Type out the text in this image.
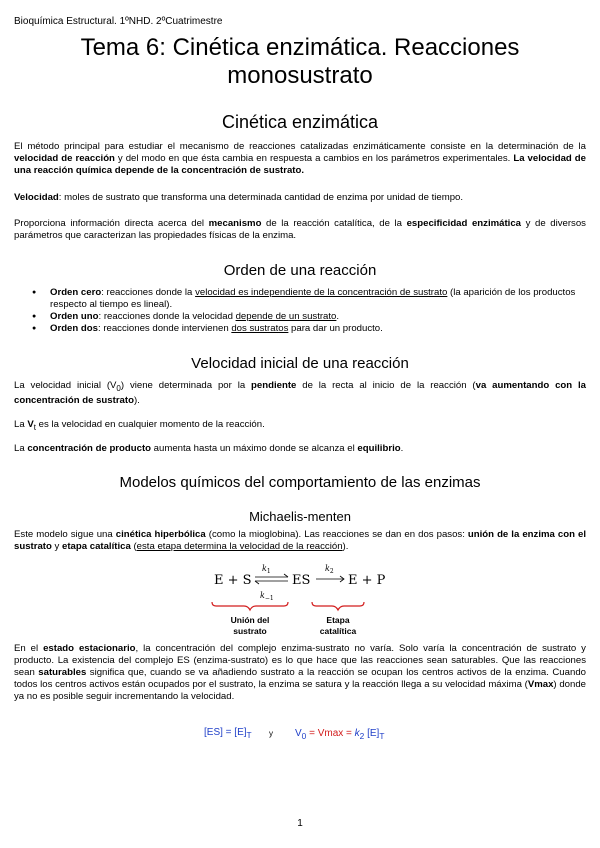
Bioquímica Estructural. 1ºNHD. 2ºCuatrimestre
Tema 6: Cinética enzimática. Reacciones monosustrato
Cinética enzimática

El método principal para estudiar el mecanismo de reacciones catalizadas enzimáticamente consiste en la determinación de la velocidad de reacción y del modo en que ésta cambia en respuesta a cambios en los parámetros experimentales. La velocidad de una reacción química depende de la concentración de sustrato.

Velocidad: moles de sustrato que transforma una determinada cantidad de enzima por unidad de tiempo.

Proporciona información directa acerca del mecanismo de la reacción catalítica, de la especificidad enzimática y de diversos parámetros que caracterizan las propiedades físicas de la enzima.

Orden de una reacción
● Orden cero: reacciones donde la velocidad es independiente de la concentración de sustrato (la aparición de los productos respecto al tiempo es lineal).
● Orden uno: reacciones donde la velocidad depende de un sustrato.
● Orden dos: reacciones donde intervienen dos sustratos para dar un producto.
Velocidad inicial de una reacción

La velocidad inicial $(V_0)$ viene determinada por la pendiente de la recta al inicio de la reacción (va aumentando con la concentración de sustrato).

La $V_t$ es la velocidad en cualquier momento de la reacción.

La concentración de producto aumenta hasta un máximo donde se alcanza el equilibrio.

Modelos químicos del comportamiento de las enzimas
Michaelis-menten

Este modelo sigue una cinética hiperbólica (como la mioglobina). Las reacciones se dan en dos pasos: unión de la enzima con el sustrato y etapa catalítica (esta etapa determina la velocidad de la reacción).

E + S
$k_1$
$k_{-1}$
ES
$k_2$
E + P
Unión del
sustrato
Etapa
catalítica

En el estado estacionario, la concentración del complejo enzima-sustrato no varía. Solo varía la concentración de sustrato y producto. La existencia del complejo ES (enzima-sustrato) es lo que hace que las reacciones sean saturables. Que las reacciones sean saturables significa que, cuando se va añadiendo sustrato a la reacción se ocupan los centros activos de la enzima. Cuando todos los centros activos están ocupados por el sustrato, la enzima se satura y la reacción llega a su velocidad máxima (Vmax) donde ya no es posible seguir incrementando la velocidad.

$[ES] = [E]_T$ y $V_0 = Vmax = k_2$ $[E]_T$
1
